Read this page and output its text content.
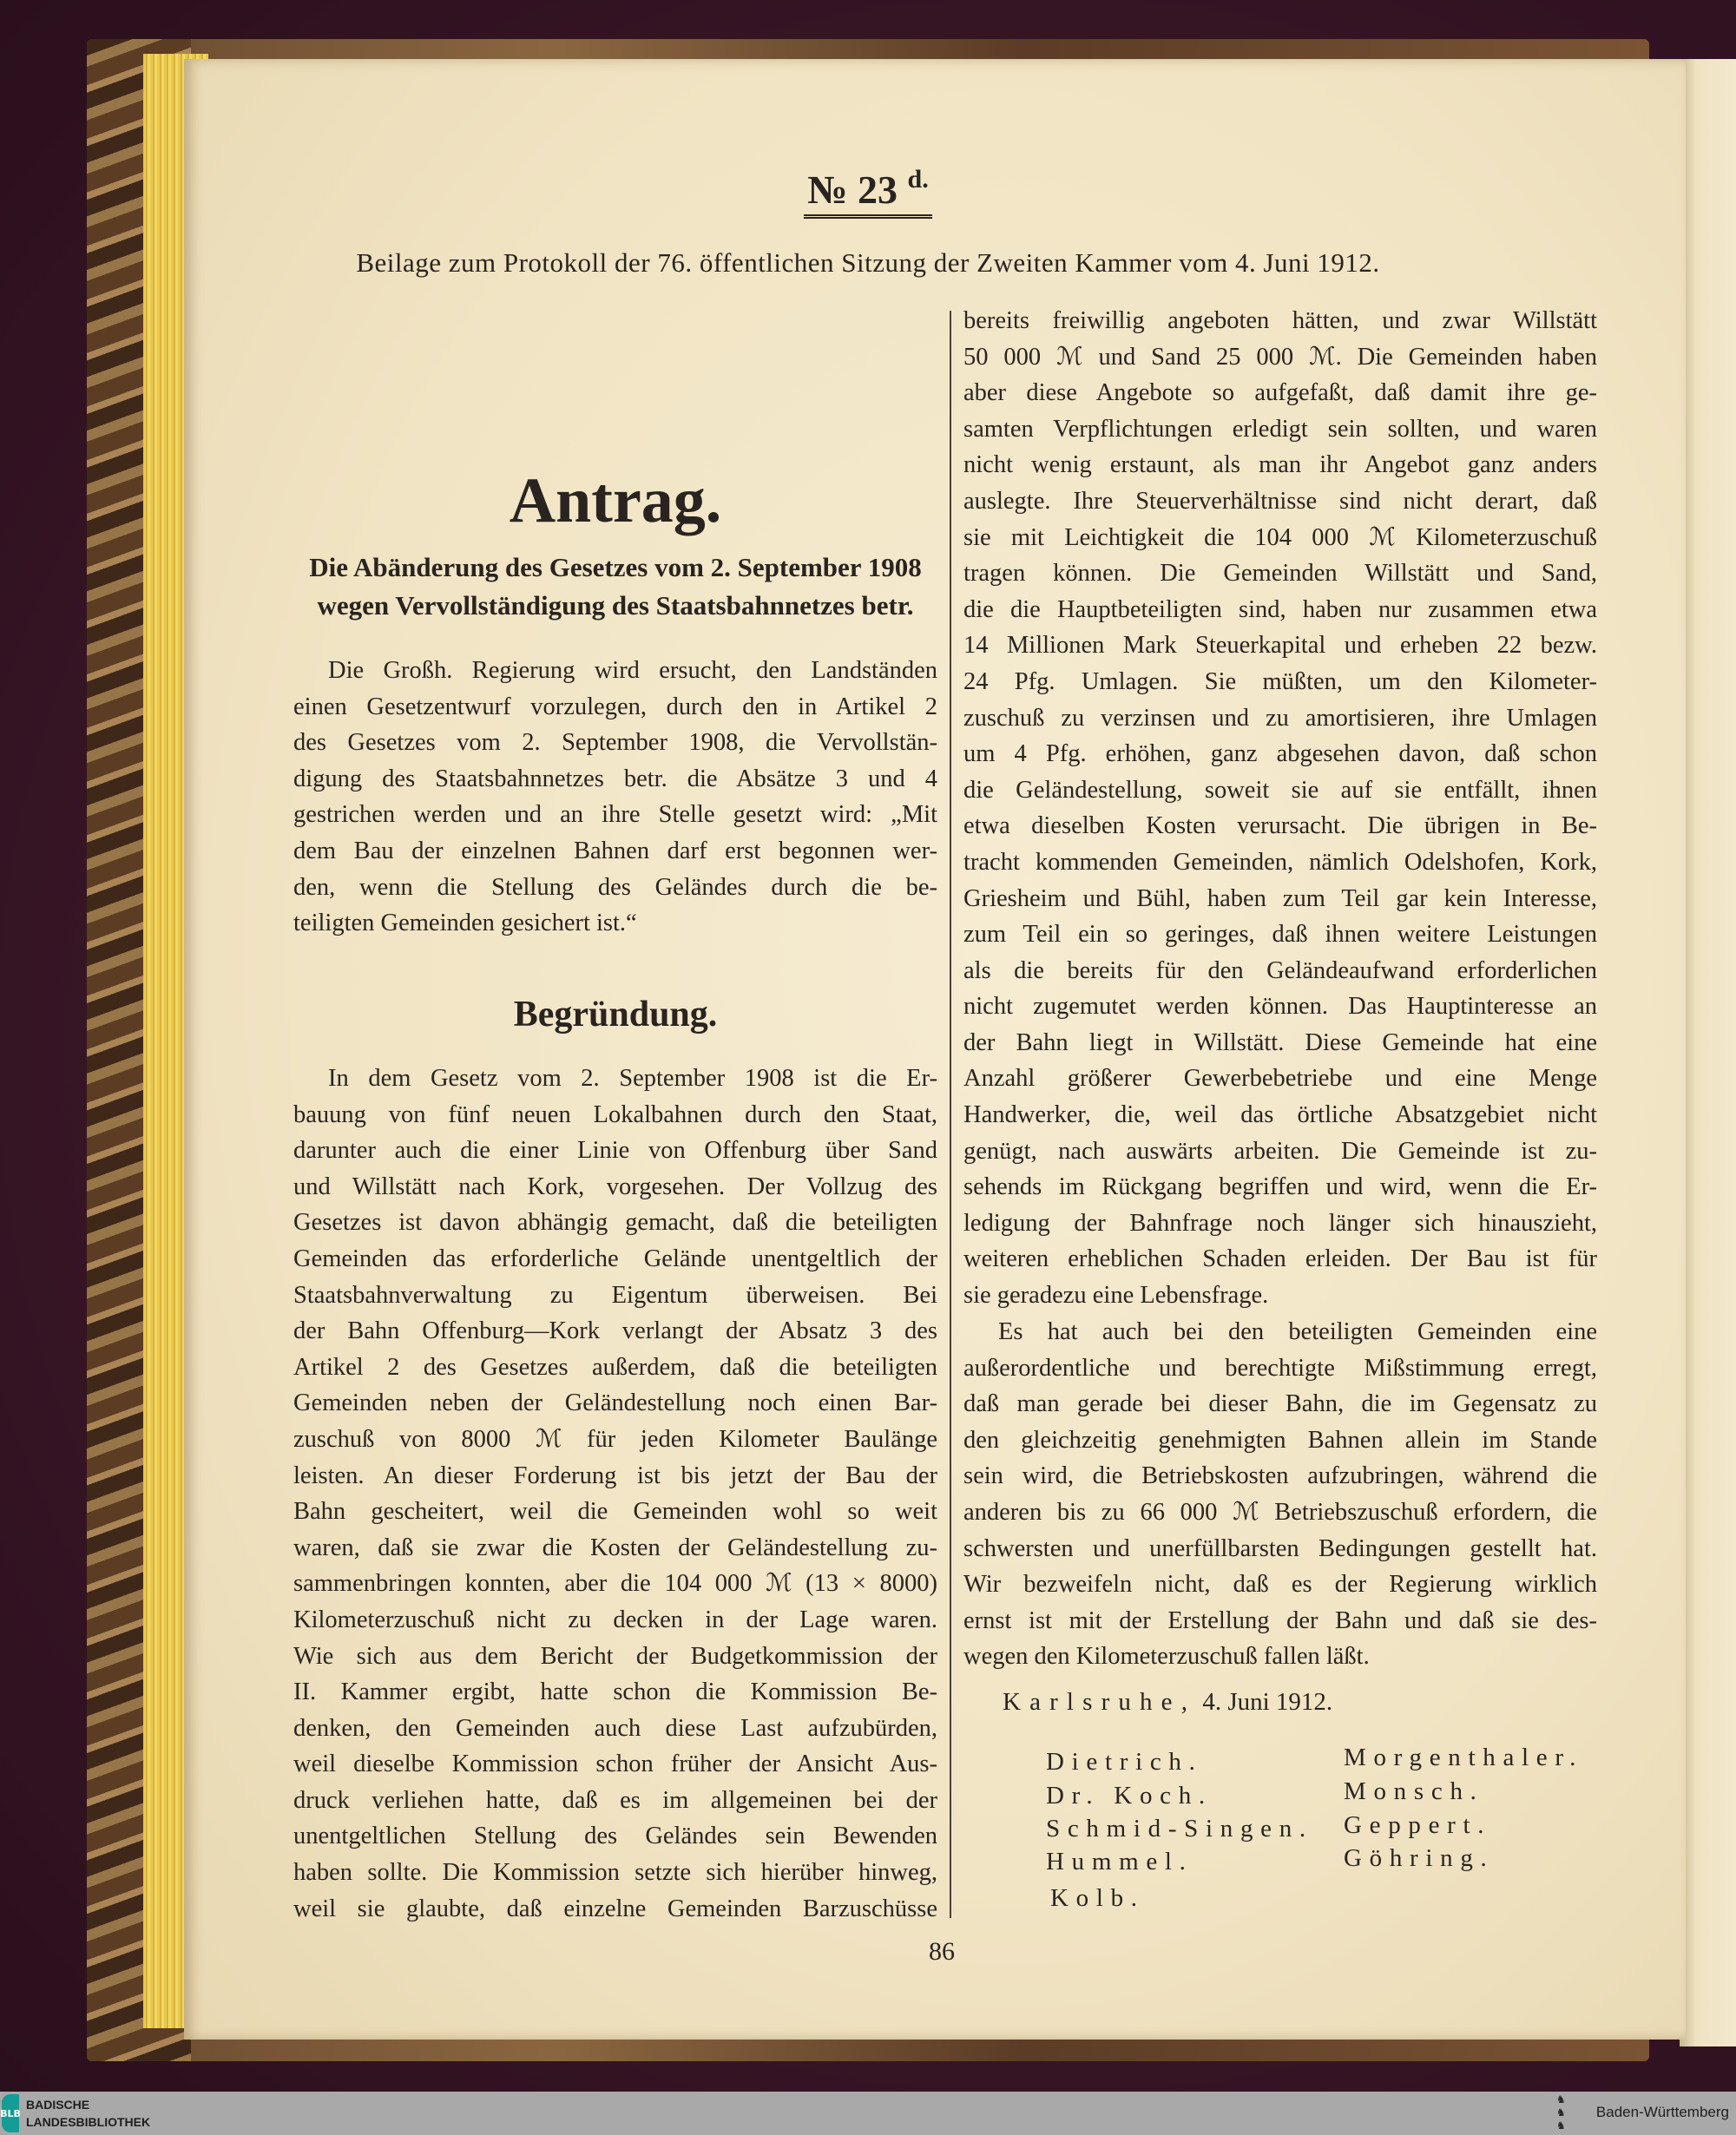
№ 23 $^{d.}$
Beilage zum Protokoll der 76. öffentlichen Sitzung der Zweiten Kammer vom 4. Juni 1912.
Antrag.
Die Abänderung des Gesetzes vom 2. September 1908
wegen Vervollständigung des Staatsbahnnetzes betr.
Die Großh. Regierung wird ersucht, den Landständen
einen Gesetzentwurf vorzulegen, durch den in Artikel 2
des Gesetzes vom 2. September 1908, die Vervollstän-
digung des Staatsbahnnetzes betr. die Absätze 3 und 4
gestrichen werden und an ihre Stelle gesetzt wird: „Mit
dem Bau der einzelnen Bahnen darf erst begonnen wer-
den, wenn die Stellung des Geländes durch die be-
teiligten Gemeinden gesichert ist.“
Begründung.
In dem Gesetz vom 2. September 1908 ist die Er-
bauung von fünf neuen Lokalbahnen durch den Staat,
darunter auch die einer Linie von Offenburg über Sand
und Willstätt nach Kork, vorgesehen. Der Vollzug des
Gesetzes ist davon abhängig gemacht, daß die beteiligten
Gemeinden das erforderliche Gelände unentgeltlich der
Staatsbahnverwaltung zu Eigentum überweisen. Bei
der Bahn Offenburg—Kork verlangt der Absatz 3 des
Artikel 2 des Gesetzes außerdem, daß die beteiligten
Gemeinden neben der Geländestellung noch einen Bar-
zuschuß von 8000 ℳ für jeden Kilometer Baulänge
leisten. An dieser Forderung ist bis jetzt der Bau der
Bahn gescheitert, weil die Gemeinden wohl so weit
waren, daß sie zwar die Kosten der Geländestellung zu-
sammenbringen konnten, aber die 104 000 ℳ (13 × 8000)
Kilometerzuschuß nicht zu decken in der Lage waren.
Wie sich aus dem Bericht der Budgetkommission der
II. Kammer ergibt, hatte schon die Kommission Be-
denken, den Gemeinden auch diese Last aufzubürden,
weil dieselbe Kommission schon früher der Ansicht Aus-
druck verliehen hatte, daß es im allgemeinen bei der
unentgeltlichen Stellung des Geländes sein Bewenden
haben sollte. Die Kommission setzte sich hierüber hinweg,
weil sie glaubte, daß einzelne Gemeinden Barzuschüsse
bereits freiwillig angeboten hätten, und zwar Willstätt
50 000 ℳ und Sand 25 000 ℳ. Die Gemeinden haben
aber diese Angebote so aufgefaßt, daß damit ihre ge-
samten Verpflichtungen erledigt sein sollten, und waren
nicht wenig erstaunt, als man ihr Angebot ganz anders
auslegte. Ihre Steuerverhältnisse sind nicht derart, daß
sie mit Leichtigkeit die 104 000 ℳ Kilometerzuschuß
tragen können. Die Gemeinden Willstätt und Sand,
die die Hauptbeteiligten sind, haben nur zusammen etwa
14 Millionen Mark Steuerkapital und erheben 22 bezw.
24 Pfg. Umlagen. Sie müßten, um den Kilometer-
zuschuß zu verzinsen und zu amortisieren, ihre Umlagen
um 4 Pfg. erhöhen, ganz abgesehen davon, daß schon
die Geländestellung, soweit sie auf sie entfällt, ihnen
etwa dieselben Kosten verursacht. Die übrigen in Be-
tracht kommenden Gemeinden, nämlich Odelshofen, Kork,
Griesheim und Bühl, haben zum Teil gar kein Interesse,
zum Teil ein so geringes, daß ihnen weitere Leistungen
als die bereits für den Geländeaufwand erforderlichen
nicht zugemutet werden können. Das Hauptinteresse an
der Bahn liegt in Willstätt. Diese Gemeinde hat eine
Anzahl größerer Gewerbebetriebe und eine Menge
Handwerker, die, weil das örtliche Absatzgebiet nicht
genügt, nach auswärts arbeiten. Die Gemeinde ist zu-
sehends im Rückgang begriffen und wird, wenn die Er-
ledigung der Bahnfrage noch länger sich hinauszieht,
weiteren erheblichen Schaden erleiden. Der Bau ist für
sie geradezu eine Lebensfrage.
Es hat auch bei den beteiligten Gemeinden eine
außerordentliche und berechtigte Mißstimmung erregt,
daß man gerade bei dieser Bahn, die im Gegensatz zu
den gleichzeitig genehmigten Bahnen allein im Stande
sein wird, die Betriebskosten aufzubringen, während die
anderen bis zu 66 000 ℳ Betriebszuschuß erfordern, die
schwersten und unerfüllbarsten Bedingungen gestellt hat.
Wir bezweifeln nicht, daß es der Regierung wirklich
ernst ist mit der Erstellung der Bahn und daß sie des-
wegen den Kilometerzuschuß fallen läßt.
Karlsruhe, 4. Juni 1912.
Dietrich.
Dr. Koch.
Schmid-Singen.
Hummel.
Kolb.
Morgenthaler.
Monsch.
Geppert.
Göhring.
86
BLB
BADISCHE
LANDESBIBLIOTHEK
♞
♞
♞
Baden-Württemberg
